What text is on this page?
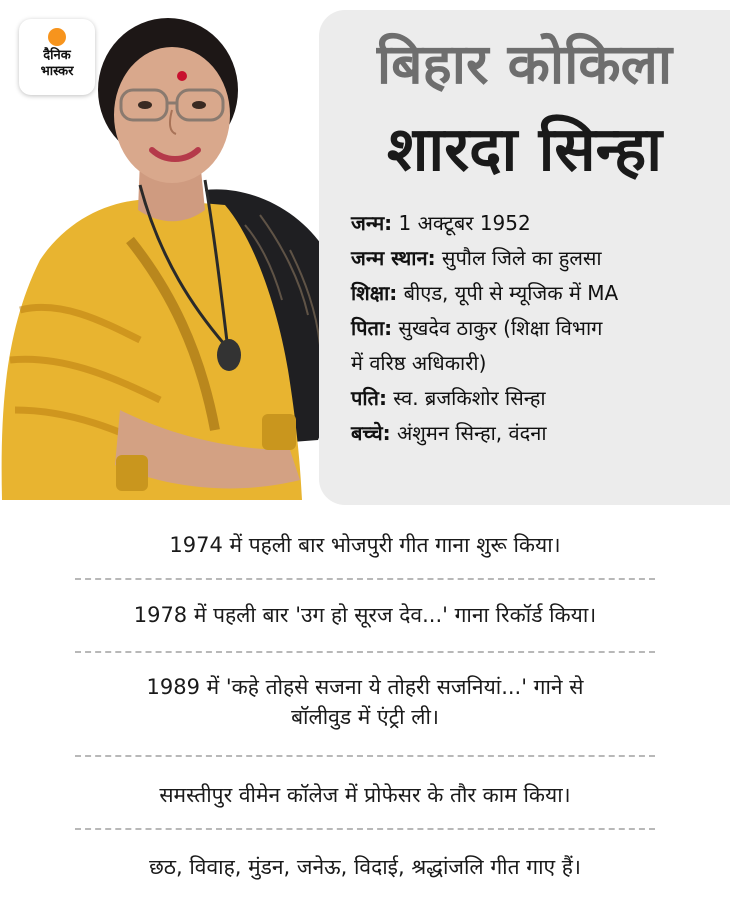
दैनिक
भास्कर	बिहार कोकिला
शारदा सिन्हा
जन्म: 1 अक्टूबर 1952
जन्म स्थान: सुपौल जिले का हुलसा
शिक्षा: बीएड, यूपी से म्यूजिक में MA
पिता: सुखदेव ठाकुर (शिक्षा विभाग
में वरिष्ठ अधिकारी)
पति: स्व. ब्रजकिशोर सिन्हा
बच्चे: अंशुमन सिन्हा, वंदना
1974 में पहली बार भोजपुरी गीत गाना शुरू किया।
1978 में पहली बार 'उग हो सूरज देव...' गाना रिकॉर्ड किया।
1989 में 'कहे तोहसे सजना ये तोहरी सजनियां...' गाने से
बॉलीवुड में एंट्री ली।
समस्तीपुर वीमेन कॉलेज में प्रोफेसर के तौर काम किया।
छठ, विवाह, मुंडन, जनेऊ, विदाई, श्रद्धांजलि गीत गाए हैं।
